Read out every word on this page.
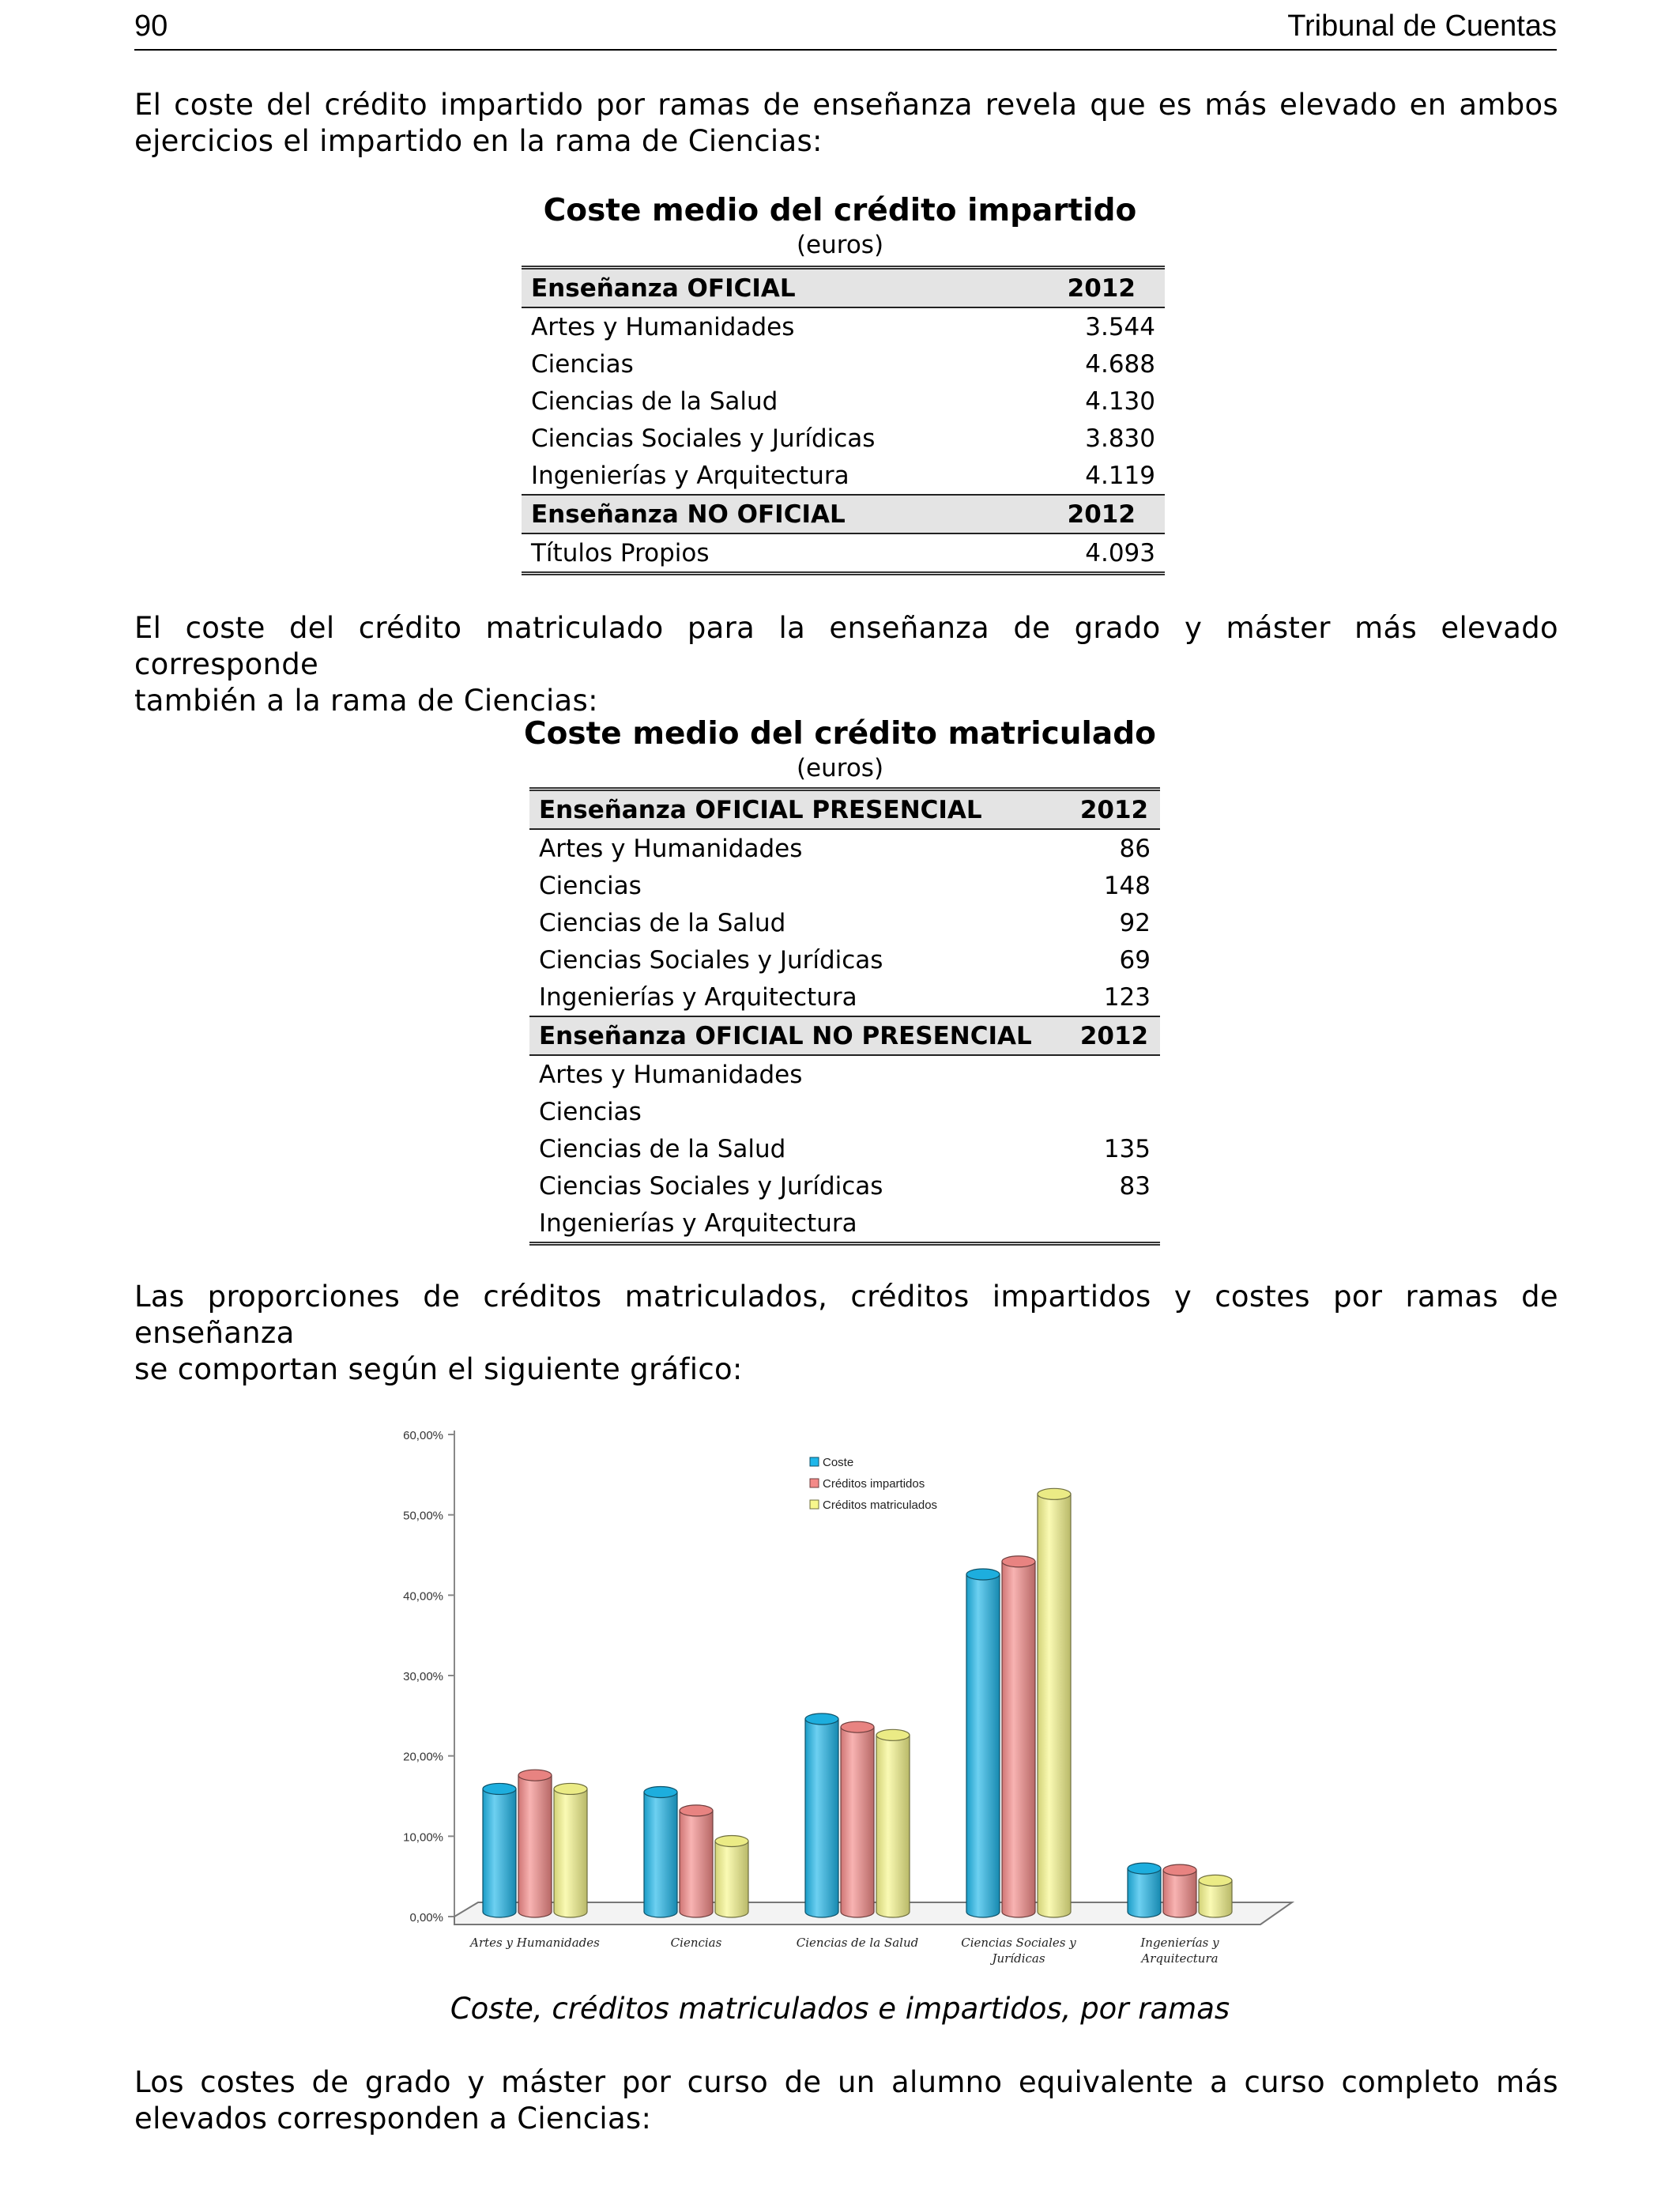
90	Tribunal de Cuentas
El coste del crédito impartido por ramas de enseñanza revela que es más elevado en ambos
ejercicios el impartido en la rama de Ciencias:
Coste medio del crédito impartido
(euros)
Enseñanza OFICIAL	2012
Artes y Humanidades	3.544
Ciencias	4.688
Ciencias de la Salud	4.130
Ciencias Sociales y Jurídicas	3.830
Ingenierías y Arquitectura	4.119
Enseñanza NO OFICIAL	2012
Títulos Propios	4.093
El coste del crédito matriculado para la enseñanza de grado y máster más elevado corresponde
también a la rama de Ciencias:
Coste medio del crédito matriculado
(euros)
Enseñanza OFICIAL PRESENCIAL	2012
Artes y Humanidades	86
Ciencias	148
Ciencias de la Salud	92
Ciencias Sociales y Jurídicas	69
Ingenierías y Arquitectura	123
Enseñanza OFICIAL NO PRESENCIAL	2012
Artes y Humanidades	
Ciencias	
Ciencias de la Salud	135
Ciencias Sociales y Jurídicas	83
Ingenierías y Arquitectura	
Las proporciones de créditos matriculados, créditos impartidos y costes por ramas de enseñanza
se comportan según el siguiente gráfico:
0,00%
10,00%
20,00%
30,00%
40,00%
50,00%
60,00%
Artes y Humanidades	Ciencias	Ciencias de la Salud	Ciencias Sociales y
Jurídicas
Ingenierías y
Arquitectura
Coste
Créditos impartidos
Créditos matriculados
Coste, créditos matriculados e impartidos, por ramas
Los costes de grado y máster por curso de un alumno equivalente a curso completo más
elevados corresponden a Ciencias:
